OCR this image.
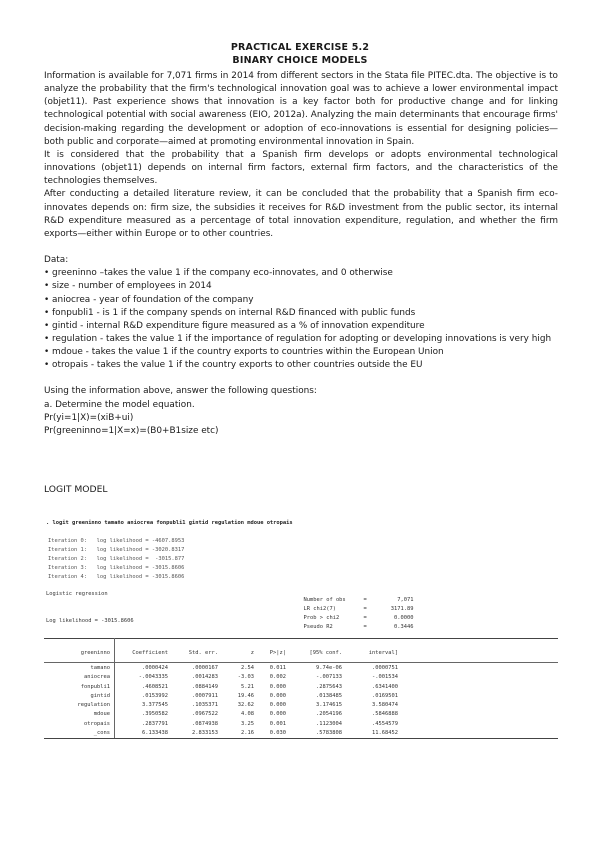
PRACTICAL EXERCISE 5.2
BINARY CHOICE MODELS

Information is available for 7,071 firms in 2014 from different sectors in the Stata file PITEC.dta. The objective is to analyze the probability that the firm's technological innovation goal was to achieve a lower environmental impact (objet11). Past experience shows that innovation is a key factor both for productive change and for linking technological potential with social awareness (EIO, 2012a). Analyzing the main determinants that encourage firms' decision-making regarding the development or adoption of eco-innovations is essential for designing policies—both public and corporate—aimed at promoting environmental innovation in Spain.

It is considered that the probability that a Spanish firm develops or adopts environmental technological innovations (objet11) depends on internal firm factors, external firm factors, and the characteristics of the technologies themselves.

After conducting a detailed literature review, it can be concluded that the probability that a Spanish firm eco-innovates depends on: firm size, the subsidies it receives for R&D investment from the public sector, its internal R&D expenditure measured as a percentage of total innovation expenditure, regulation, and whether the firm exports—either within Europe or to other countries.

Data:

• greeninno –takes the value 1 if the company eco-innovates, and 0 otherwise

• size - number of employees in 2014

• aniocrea - year of foundation of the company

• fonpubli1 - is 1 if the company spends on internal R&D financed with public funds

• gintid - internal R&D expenditure figure measured as a % of innovation expenditure

• regulation - takes the value 1 if the importance of regulation for adopting or developing innovations is very high

• mdoue - takes the value 1 if the country exports to countries within the European Union

• otropais - takes the value 1 if the country exports to other countries outside the EU

Using the information above, answer the following questions:

a. Determine the model equation.

Pr(yi=1|X)=(xiB+ui)

Pr(greeninno=1|X=x)=(B0+B1size etc)

LOGIT MODEL
. logit greeninno tamaño aniocrea fonpubli1 gintid regulation mdoue otropais
Iteration 0:   log likelihood = -4607.8953
Iteration 1:   log likelihood = -3020.8317
Iteration 2:   log likelihood =  -3015.877
Iteration 3:   log likelihood = -3015.8606
Iteration 4:   log likelihood = -3015.8606
Logistic regression
Log likelihood = -3015.8606

Number of obs	=	7,071

LR chi2(7)	=	3171.89

Prob > chi2	=	0.0000

Pseudo R2	=	0.3446

greeninno	Coefficient	Std. err.	z	P>|z|	[95% conf.	interval]
tamano	.0000424	.0000167	2.54	0.011	9.74e-06	.0000751
aniocrea	-.0043335	.0014283	-3.03	0.002	-.007133	-.001534
fonpubli1	.4608521	.0884149	5.21	0.000	.2875643	.6341400
gintid	.0153992	.0007911	19.46	0.000	.0138485	.0169501
regulation	3.377545	.1035371	32.62	0.000	3.174615	3.580474
mdoue	.3950582	.0967522	4.08	0.000	.2054196	.5846888
otropais	.2837791	.0874938	3.25	0.001	.1123004	.4554579
_cons	6.133438	2.833153	2.16	0.030	.5783808	11.68452
